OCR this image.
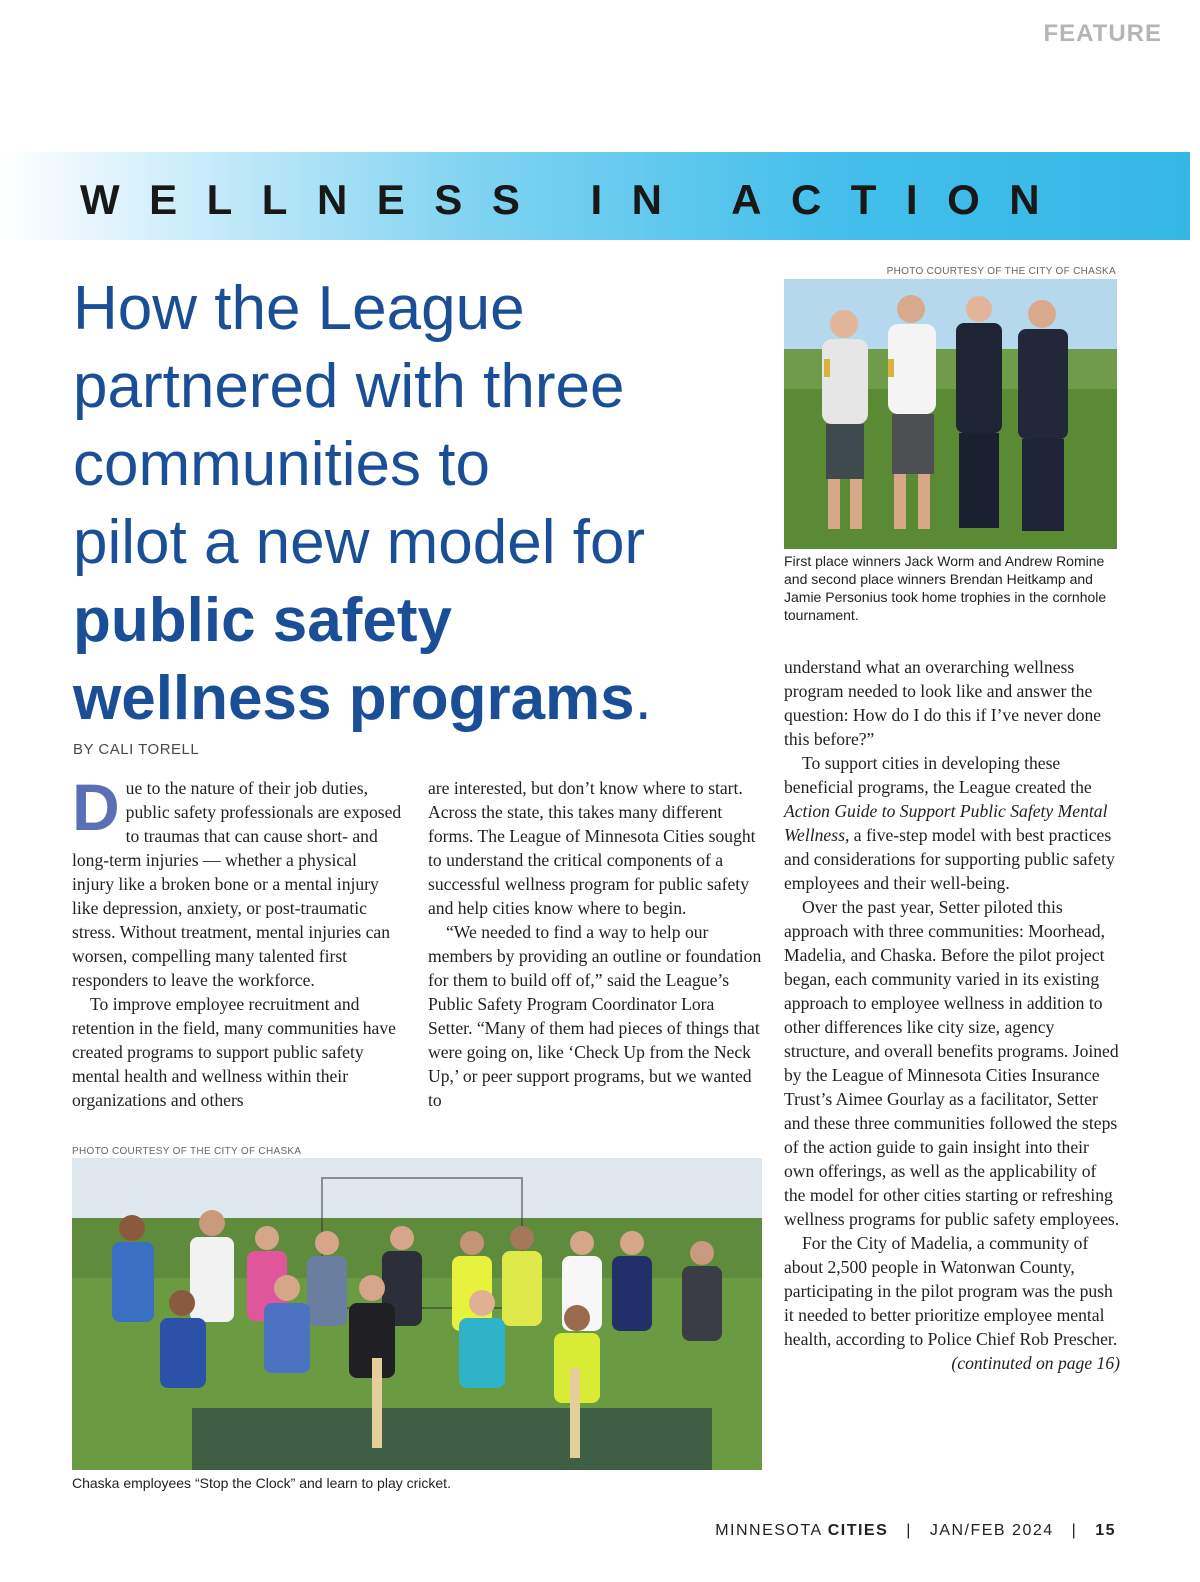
FEATURE
WELLNESS IN ACTION
How the League
partnered with three
communities to
pilot a new model for
public safety
wellness programs.
BY CALI TORELL

Due to the nature of their job duties, public safety professionals are exposed to traumas that can cause short- and long-term injuries — whether a physical injury like a broken bone or a mental injury like depression, anxiety, or post-traumatic stress. Without treatment, mental injuries can worsen, compelling many talented first responders to leave the workforce.

To improve employee recruitment and retention in the field, many communities have created programs to support public safety mental health and wellness within their organizations and others

are interested, but don’t know where to start. Across the state, this takes many different forms. The League of Minnesota Cities sought to understand the critical components of a successful wellness program for public safety and help cities know where to begin.

“We needed to find a way to help our members by providing an outline or foundation for them to build off of,” said the League’s Public Safety Program Coordinator Lora Setter. “Many of them had pieces of things that were going on, like ‘Check Up from the Neck Up,’ or peer support programs, but we wanted to

PHOTO COURTESY OF THE CITY OF CHASKA
First place winners Jack Worm and Andrew Romine and second place winners Brendan Heitkamp and Jamie Personius took home trophies in the cornhole tournament.

understand what an overarching wellness program needed to look like and answer the question: How do I do this if I’ve never done this before?”

To support cities in developing these beneficial programs, the League created the Action Guide to Support Public Safety Mental Wellness, a five-step model with best practices and considerations for supporting public safety employees and their well-being.

Over the past year, Setter piloted this approach with three communities: Moorhead, Madelia, and Chaska. Before the pilot project began, each community varied in its existing approach to employee wellness in addition to other differences like city size, agency structure, and overall benefits programs. Joined by the League of Minnesota Cities Insurance Trust’s Aimee Gourlay as a facilitator, Setter and these three communities followed the steps of the action guide to gain insight into their own offerings, as well as the applicability of the model for other cities starting or refreshing wellness programs for public safety employees.

For the City of Madelia, a community of about 2,500 people in Watonwan County, participating in the pilot program was the push it needed to better prioritize employee mental health, according to Police Chief Rob Prescher.

(continuted on page 16)
PHOTO COURTESY OF THE CITY OF CHASKA
Chaska employees “Stop the Clock” and learn to play cricket.
MINNESOTA CITIES | JAN/FEB 2024 | 15
